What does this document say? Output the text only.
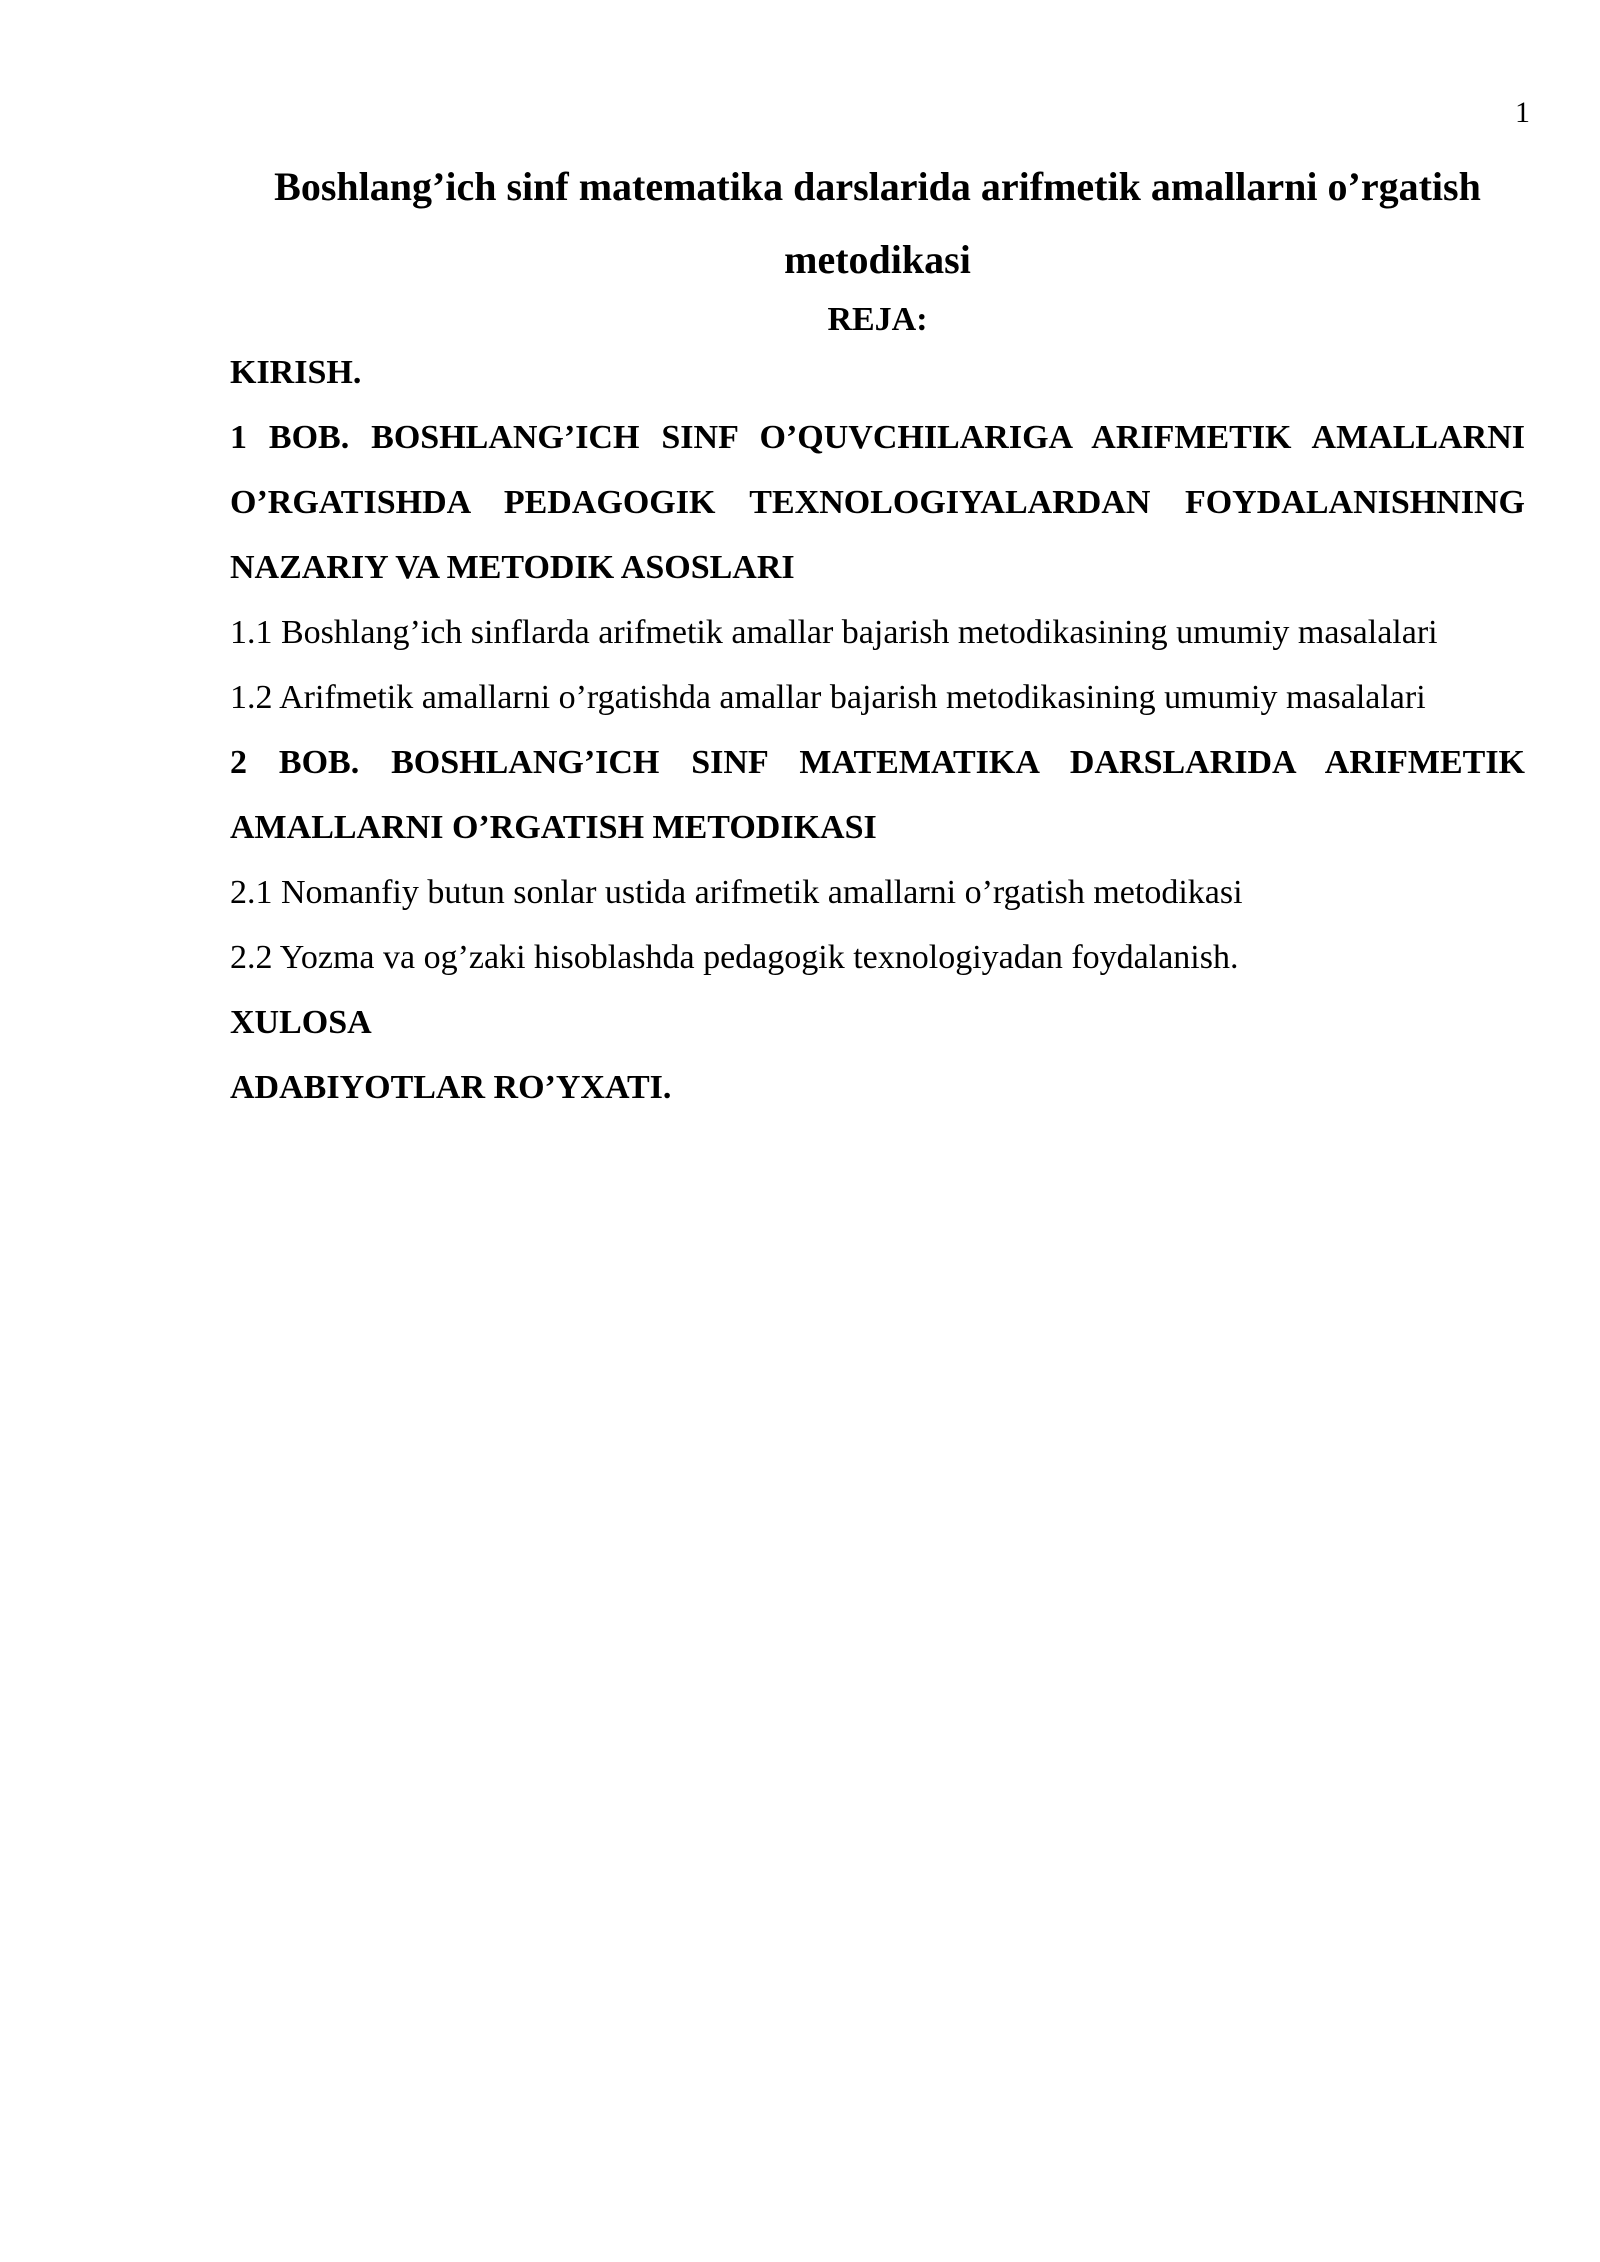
1

Boshlang’ich sinf matematika darslarida arifmetik amallarni o’rgatish metodikasi

REJA:

KIRISH.

1 BOB. BOSHLANG’ICH SINF O’QUVCHILARIGA ARIFMETIK AMALLARNI O’RGATISHDA PEDAGOGIK TEXNOLOGIYALARDAN FOYDALANISHNING NAZARIY VA METODIK ASOSLARI

1.1 Boshlang’ich sinflarda arifmetik amallar bajarish metodikasining umumiy masalalari

1.2 Arifmetik amallarni o’rgatishda amallar bajarish metodikasining umumiy masalalari

2 BOB. BOSHLANG’ICH SINF MATEMATIKA DARSLARIDA ARIFMETIK AMALLARNI O’RGATISH METODIKASI

2.1 Nomanfiy butun sonlar ustida arifmetik amallarni o’rgatish metodikasi

2.2 Yozma va og’zaki hisoblashda pedagogik texnologiyadan foydalanish.

XULOSA

ADABIYOTLAR RO’YXATI.
